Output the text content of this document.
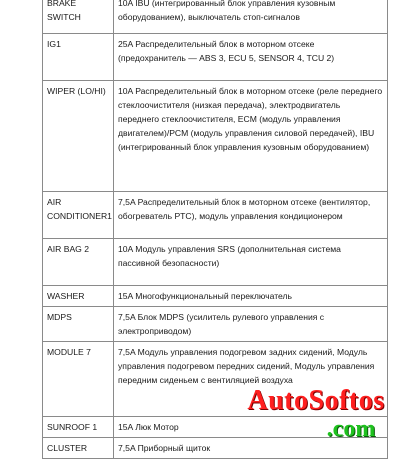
BRAKE SWITCH	10A IBU (интегрированный блок управления кузовным оборудованием), выключатель стоп-сигналов
IG1	25A Распределительный блок в моторном отсеке (предохранитель — ABS 3, ECU 5, SENSOR 4, TCU 2)
WIPER (LO/HI)	10A Распределительный блок в моторном отсеке (реле переднего стеклоочистителя (низкая передача), электродвигатель переднего стеклоочистителя, ECM (модуль управления двигателем)/PCM (модуль управления силовой передачей), IBU (интегрированный блок управления кузовным оборудованием)
AIR CONDITIONER1	7,5A Распределительный блок в моторном отсеке (вентилятор, обогреватель PTC), модуль управления кондиционером
AIR BAG 2	10A Модуль управления SRS (дополнительная система пассивной безопасности)
WASHER	15A Многофункциональный переключатель
MDPS	7,5A Блок MDPS (усилитель рулевого управления с электроприводом)
MODULE 7	7,5A Модуль управления подогревом задних сидений, Модуль управления подогревом передних сидений, Модуль управления передним сиденьем с вентиляцией воздуха
SUNROOF 1	15A Люк Мотор
CLUSTER	7,5A Приборный щиток
AutoSoftos
.com
